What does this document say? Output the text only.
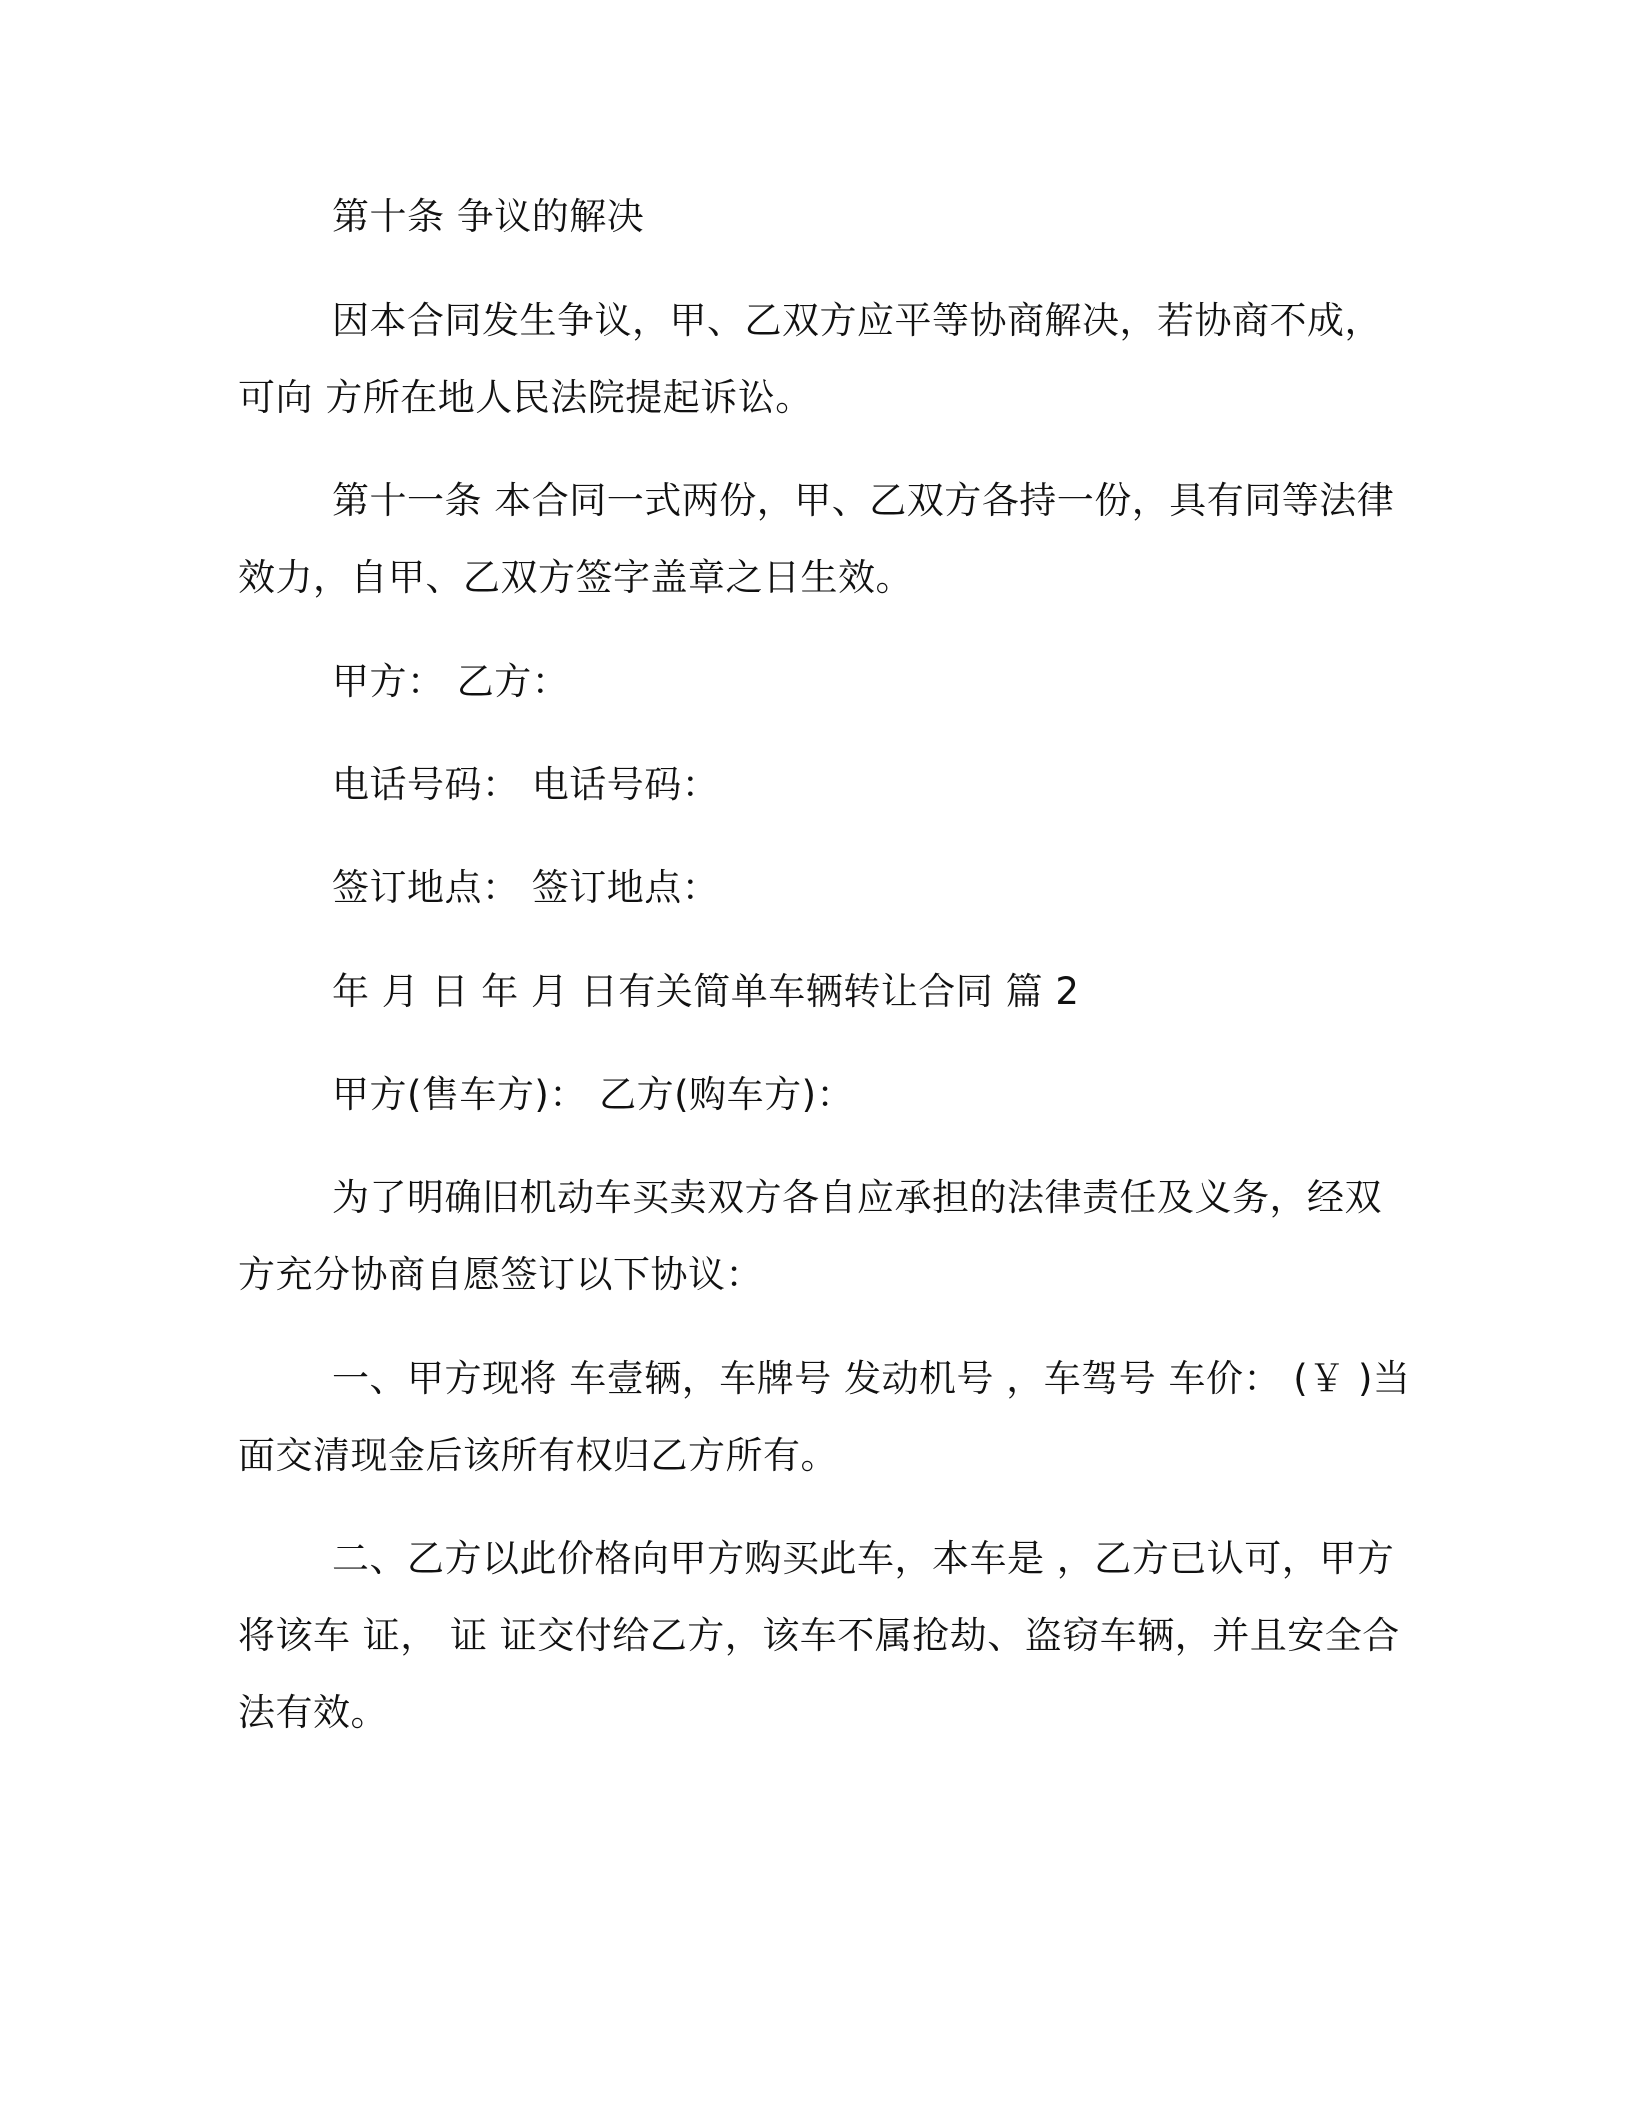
第十条 争议的解决
因本合同发生争议，甲、乙双方应平等协商解决，若协商不成，
可向 方所在地人民法院提起诉讼。
第十一条 本合同一式两份，甲、乙双方各持一份，具有同等法律
效力，自甲、乙双方签字盖章之日生效。
甲方： 乙方：
电话号码： 电话号码：
签订地点： 签订地点：
年 月 日 年 月 日有关简单车辆转让合同 篇 2
甲方(售车方)： 乙方(购车方)：
为了明确旧机动车买卖双方各自应承担的法律责任及义务，经双
方充分协商自愿签订以下协议：
一、甲方现将 车壹辆，车牌号 发动机号 ，车驾号 车价： (￥ )当
面交清现金后该所有权归乙方所有。
二、乙方以此价格向甲方购买此车，本车是 ，乙方已认可，甲方
将该车 证， 证 证交付给乙方，该车不属抢劫、盗窃车辆，并且安全合
法有效。
